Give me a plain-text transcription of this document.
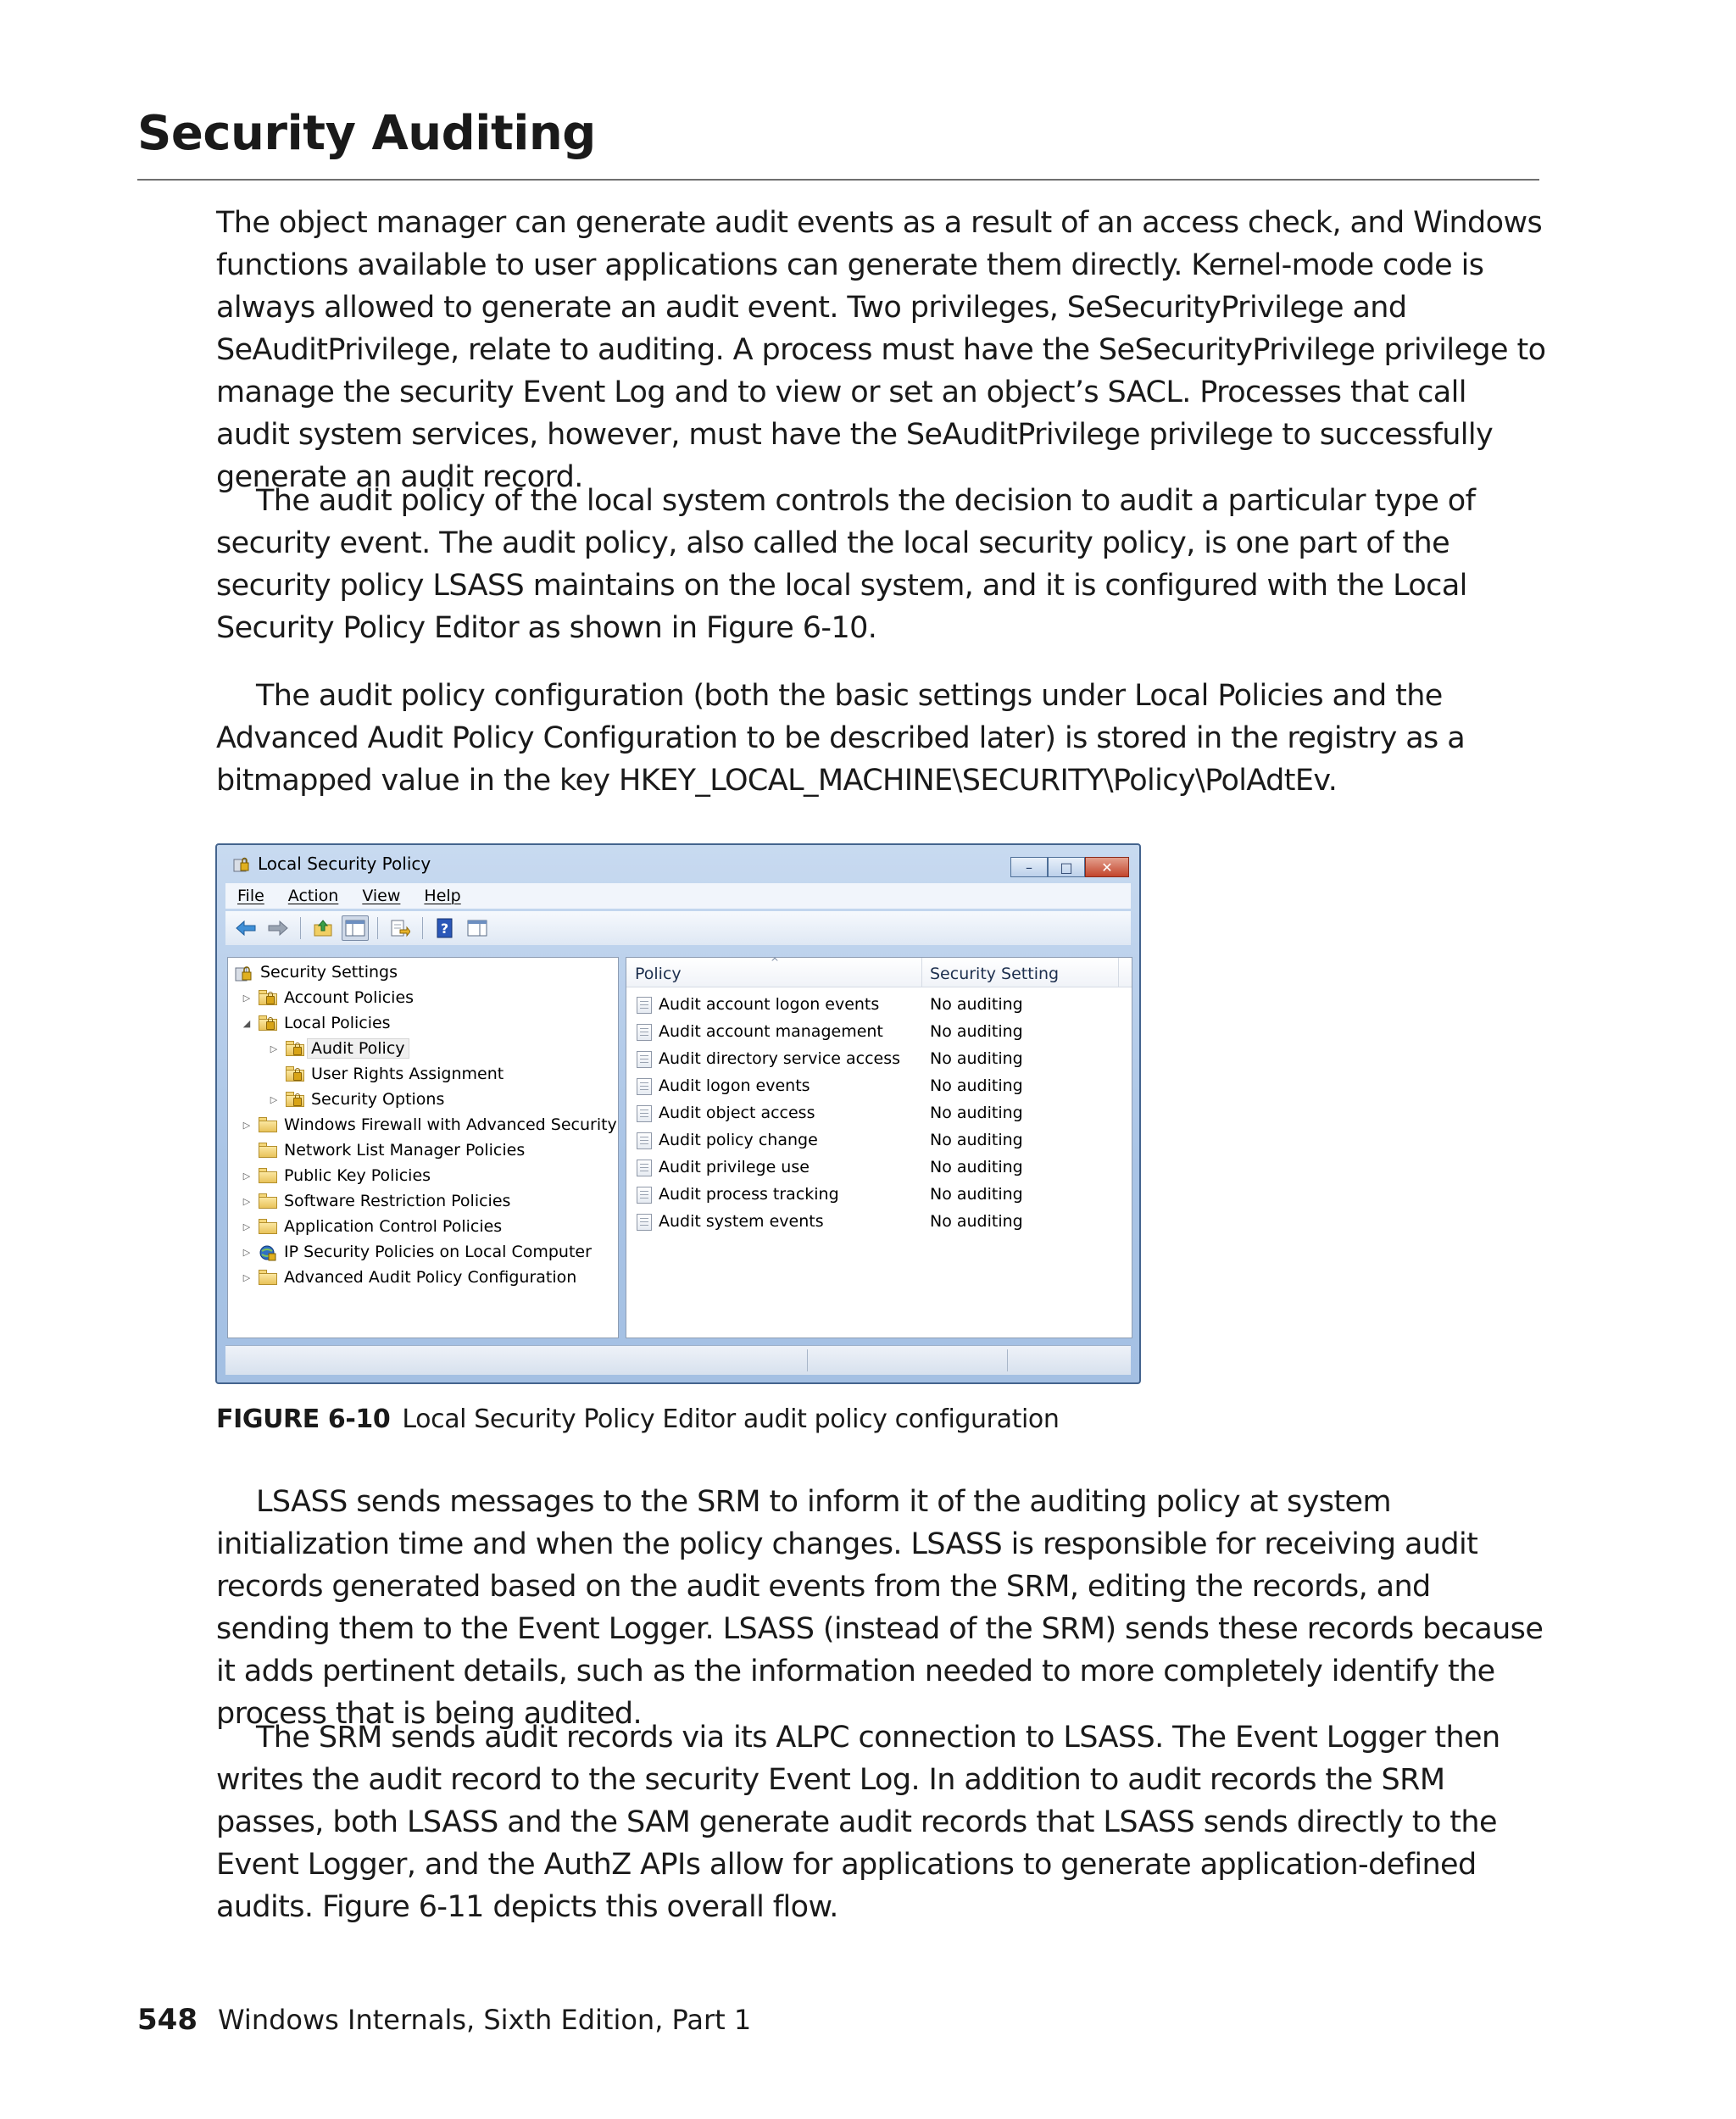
Security Auditing

The object manager can generate audit events as a result of an access check, and Windows functions available to user applications can generate them directly. Kernel-mode code is always allowed to generate an audit event. Two privileges, SeSecurityPrivilege and SeAuditPrivilege, relate to auditing. A process must have the SeSecurityPrivilege privilege to manage the security Event Log and to view or set an object’s SACL. Processes that call audit system services, however, must have the SeAuditPrivilege privilege to successfully generate an audit record.

The audit policy of the local system controls the decision to audit a particular type of security event. The audit policy, also called the local security policy, is one part of the security policy LSASS maintains on the local system, and it is configured with the Local Security Policy Editor as shown in Figure 6-10.

The audit policy configuration (both the basic settings under Local Policies and the Advanced Audit Policy Configuration to be described later) is stored in the registry as a bitmapped value in the key HKEY_LOCAL_MACHINE\SECURITY\Policy\PolAdtEv.

Local Security Policy	– □ ✕
File	Action	View	Help
?
Security Settings
▷ Account Policies
◢ Local Policies
▷ Audit Policy
User Rights Assignment
▷ Security Options
▷ Windows Firewall with Advanced Security
Network List Manager Policies
▷ Public Key Policies
▷ Software Restriction Policies
▷ Application Control Policies
▷ IP Security Policies on Local Computer
▷ Advanced Audit Policy Configuration
Policy
^
Security Setting
Audit account logon events	No auditing
Audit account management	No auditing
Audit directory service access No auditing
Audit logon events	No auditing
Audit object access	No auditing
Audit policy change	No auditing
Audit privilege use	No auditing
Audit process tracking	No auditing
Audit system events	No auditing
FIGURE 6-10 Local Security Policy Editor audit policy configuration

LSASS sends messages to the SRM to inform it of the auditing policy at system initialization time and when the policy changes. LSASS is responsible for receiving audit records generated based on the audit events from the SRM, editing the records, and sending them to the Event Logger. LSASS (instead of the SRM) sends these records because it adds pertinent details, such as the information needed to more completely identify the process that is being audited.

The SRM sends audit records via its ALPC connection to LSASS. The Event Logger then writes the audit record to the security Event Log. In addition to audit records the SRM passes, both LSASS and the SAM generate audit records that LSASS sends directly to the Event Logger, and the AuthZ APIs allow for applications to generate application-defined audits. Figure 6-11 depicts this overall flow.

548 Windows Internals, Sixth Edition, Part 1
